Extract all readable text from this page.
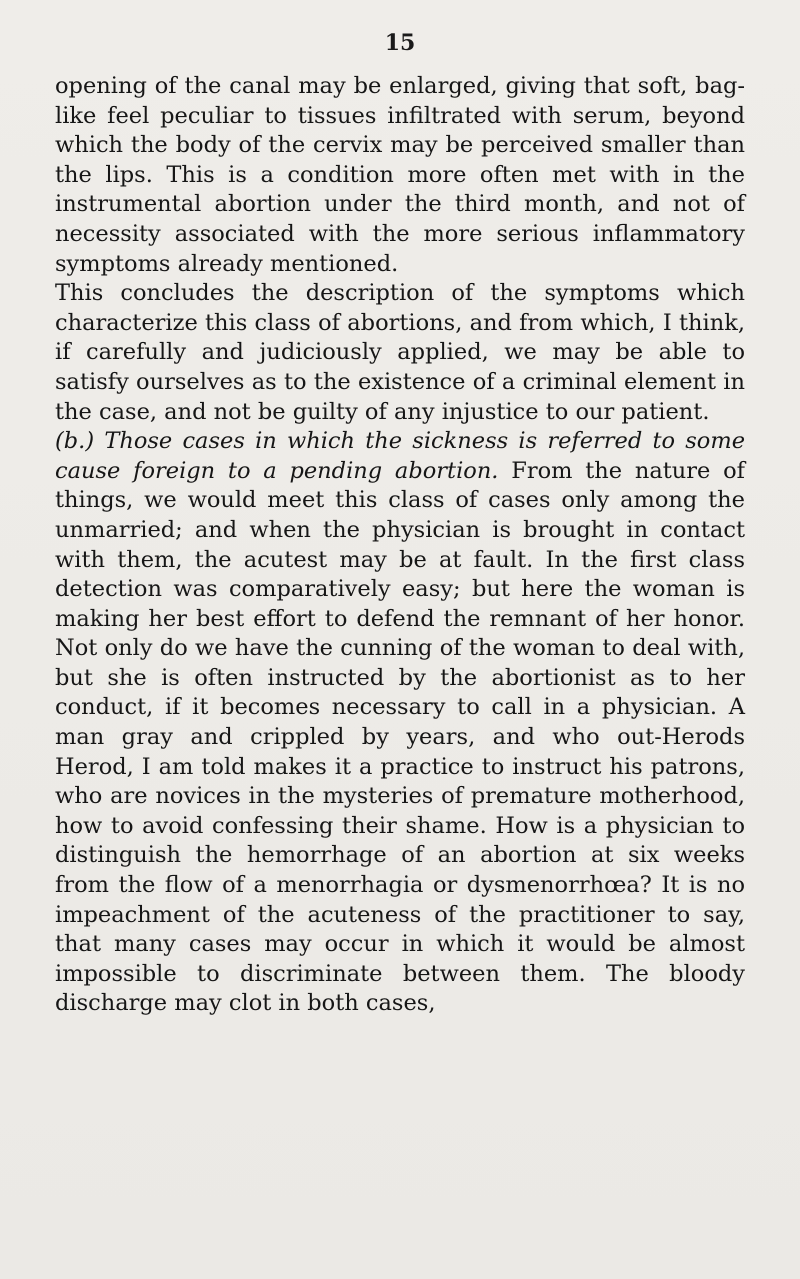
15

opening of the canal may be enlarged, giving that soft, bag-like feel peculiar to tissues infiltrated with serum, beyond which the body of the cervix may be perceived smaller than the lips. This is a condition more often met with in the instrumental abortion under the third month, and not of necessity associated with the more serious inflammatory symptoms already mentioned.

This concludes the description of the symptoms which characterize this class of abortions, and from which, I think, if carefully and judiciously applied, we may be able to satisfy ourselves as to the existence of a criminal element in the case, and not be guilty of any injustice to our patient.

(b.) Those cases in which the sickness is referred to some cause foreign to a pending abortion. From the nature of things, we would meet this class of cases only among the unmarried; and when the physician is brought in contact with them, the acutest may be at fault. In the first class detection was comparatively easy; but here the woman is making her best effort to defend the remnant of her honor. Not only do we have the cunning of the woman to deal with, but she is often instructed by the abortionist as to her conduct, if it becomes necessary to call in a physician. A man gray and crippled by years, and who out-Herods Herod, I am told makes it a practice to instruct his patrons, who are novices in the mysteries of premature motherhood, how to avoid confessing their shame. How is a physician to distinguish the hemorrhage of an abortion at six weeks from the flow of a menorrhagia or dysmenorrhœa? It is no impeachment of the acuteness of the practitioner to say, that many cases may occur in which it would be almost impossible to discriminate between them. The bloody discharge may clot in both cases,
